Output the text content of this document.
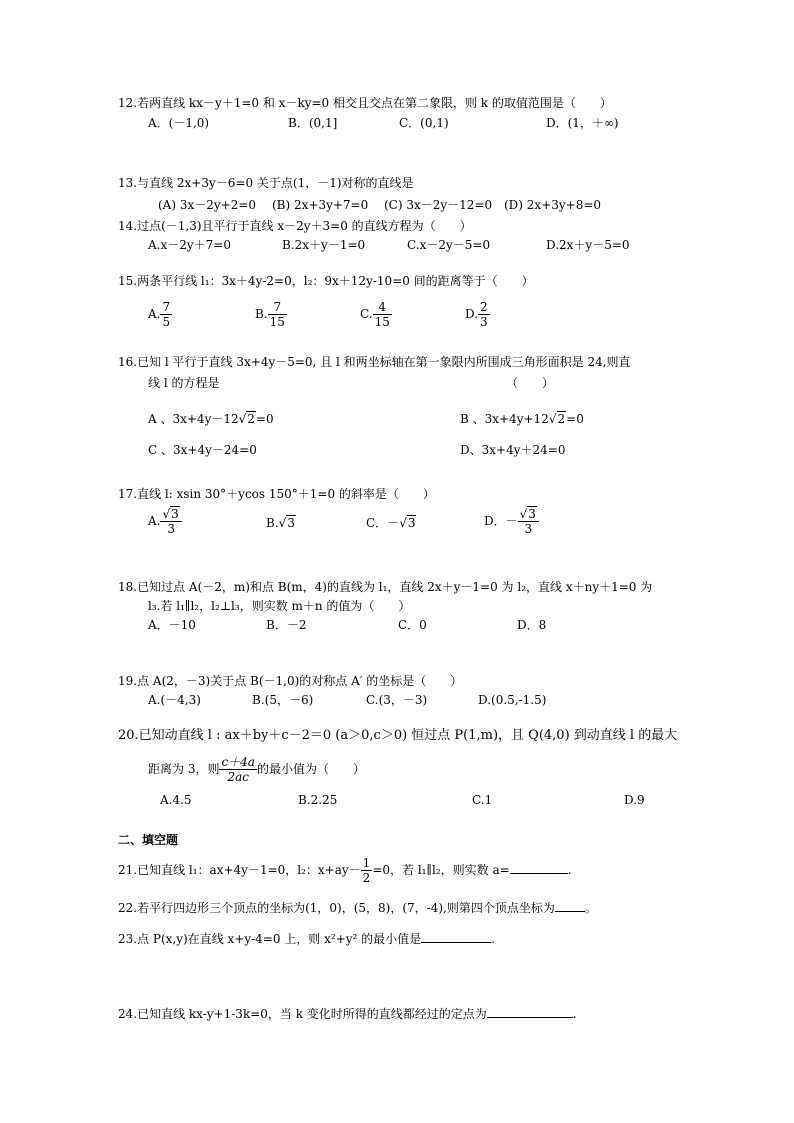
12.若两直线 kx－y＋1=0 和 x－ky=0 相交且交点在第二象限，则 k 的取值范围是（　　）
A．(－1,0)	B．(0,1]	C．(0,1)	D．(1，＋∞)
13.与直线 2x+3y－6=0 关于点(1，－1)对称的直线是
(A) 3x－2y+2=0 (B) 2x+3y+7=0 (C) 3x－2y－12=0 (D) 2x+3y+8=0
14.过点(－1,3)且平行于直线 x－2y＋3=0 的直线方程为（　　）
A.x－2y＋7=0	B.2x＋y－1=0	C.x－2y－5=0	D.2x＋y－5=0
15.两条平行线 l₁：3x＋4y-2=0，l₂：9x＋12y-10=0 间的距离等于（　　）
A. $\frac{7}{5}$	B. $\frac{7}{15}$	C. $\frac{4}{15}$	D. $\frac{2}{3}$
16.已知 l 平行于直线 3x+4y－5=0, 且 l 和两坐标轴在第一象限内所围成三角形面积是 24,则直
线 l 的方程是	（　　）
A 、3x+4y－12√2=0	B 、3x+4y+12√2=0
C 、3x+4y－24=0	D、3x+4y＋24=0
17.直线 l: xsin 30°＋ycos 150°＋1=0 的斜率是（　　）
A. $\frac{√3}{3}$	B.√3	C．－√3	D．－ $\frac{√3}{3}$
18.已知过点 A(－2，m)和点 B(m，4)的直线为 l₁，直线 2x＋y－1=0 为 l₂，直线 x＋ny＋1=0 为
l₃.若 l₁∥l₂，l₂⊥l₃，则实数 m＋n 的值为（　　）
A．－10	B．－2	C．0	D．8
19.点 A(2，－3)关于点 B(－1,0)的对称点 A′ 的坐标是（　　）
A.(－4,3)	B.(5，－6)	C.(3，－3)	D.(0.5,-1.5)
20.已知动直线 l : ax＋by＋c－2＝0 (a＞0,c＞0) 恒过点 P(1,m)，且 Q(4,0) 到动直线 l 的最大
距离为 3，则 $\frac{c+4a}{2ac}$ 的最小值为（　　）
A.4.5	B.2.25	C.1	D.9
二、填空题
21.已知直线 l₁：ax+4y－1=0，l₂：$x+ay- \frac{1}{2} =0$，若 l₁∥l₂，则实数 a=	.
22.若平行四边形三个顶点的坐标为(1，0)，(5，8)，(7，-4),则第四个顶点坐标为	。
23.点 P(x,y)在直线 x+y-4=0 上，则 x²+y² 的最小值是	.
24.已知直线 kx-y+1-3k=0，当 k 变化时所得的直线都经过的定点为	.
